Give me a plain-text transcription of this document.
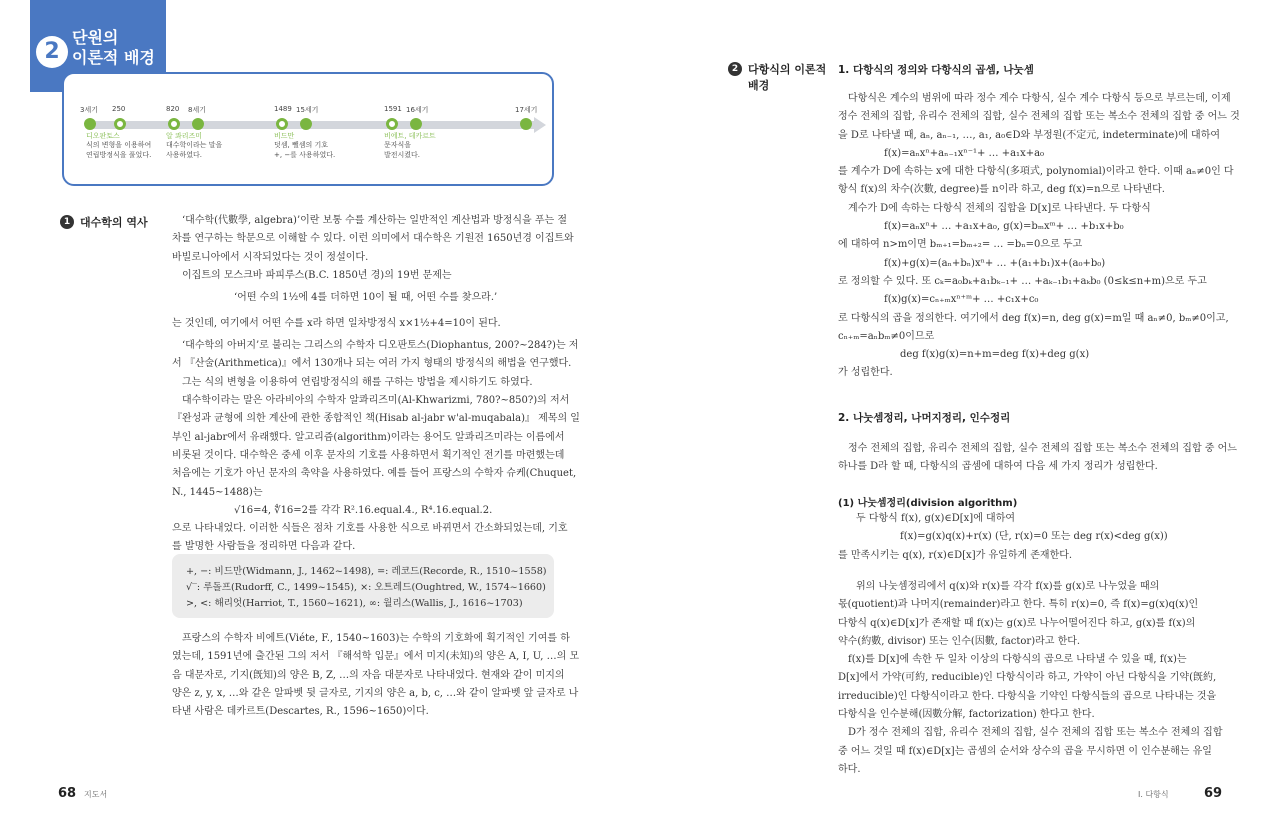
2
단원의
이론적 배경
3세기 250	820 8세기	1489 15세기	1591 16세기	17세기
디오판토스
식의 변형을 이용하여
연립방정식을 풀었다.
알 콰리즈미
대수학이라는 말을
사용하였다.
비드만
덧셈, 뺄셈의 기호
+, −를 사용하였다.
비에트, 데카르트
문자식을
발전시켰다.
1 대수학의 역사	‘대수학(代數學, algebra)’이란 보통 수를 계산하는 일반적인 계산법과 방정식을 푸는 절

차를 연구하는 학문으로 이해할 수 있다. 이런 의미에서 대수학은 기원전 1650년경 이집트와

바빌로니아에서 시작되었다는 것이 정설이다.

이집트의 모스크바 파피루스(B.C. 1850년 경)의 19번 문제는

‘어떤 수의 1½에 4를 더하면 10이 될 때, 어떤 수를 찾으라.’

는 것인데, 여기에서 어떤 수를 x라 하면 일차방정식 x×1½+4=10이 된다.

‘대수학의 아버지’로 불리는 그리스의 수학자 디오판토스(Diophantus, 200?~284?)는 저

서 『산술(Arithmetica)』에서 130개나 되는 여러 가지 형태의 방정식의 해법을 연구했다.

그는 식의 변형을 이용하여 연립방정식의 해를 구하는 방법을 제시하기도 하였다.

대수학이라는 말은 아라비아의 수학자 알콰리즈미(Al-Khwarizmi, 780?~850?)의 저서

『완성과 균형에 의한 계산에 관한 종합적인 책(Hisab al-jabr w'al-muqabala)』 제목의 일

부인 al-jabr에서 유래했다. 알고리즘(algorithm)이라는 용어도 알콰리즈미라는 이름에서

비롯된 것이다. 대수학은 중세 이후 문자의 기호를 사용하면서 획기적인 전기를 마련했는데

처음에는 기호가 아닌 문자의 축약을 사용하였다. 예를 들어 프랑스의 수학자 슈케(Chuquet,

N., 1445~1488)는

√16=4, ∜16=2를 각각 R².16.equal.4., R⁴.16.equal.2.

으로 나타내었다. 이러한 식들은 점차 기호를 사용한 식으로 바뀌면서 간소화되었는데, 기호

를 발명한 사람들을 정리하면 다음과 같다.

+, −: 비드만(Widmann, J., 1462~1498), =: 레코드(Recorde, R., 1510~1558)

√‾: 루돌프(Rudorff, C., 1499~1545), ×: 오트레드(Oughtred, W., 1574~1660)

>, <: 해리엇(Harriot, T., 1560~1621), ∞: 월리스(Wallis, J., 1616~1703)

프랑스의 수학자 비에트(Viéte, F., 1540~1603)는 수학의 기호화에 획기적인 기여를 하

였는데, 1591년에 출간된 그의 저서 『해석학 입문』에서 미지(未知)의 양은 A, I, U, …의 모

음 대문자로, 기지(旣知)의 양은 B, Z, …의 자음 대문자로 나타내었다. 현재와 같이 미지의

양은 z, y, x, …와 같은 알파벳 뒷 글자로, 기지의 양은 a, b, c, …와 같이 알파벳 앞 글자로 나

타낸 사람은 데카르트(Descartes, R., 1596~1650)이다.

68 지도서
2 다항식의 이론적
배경
1. 다항식의 정의와 다항식의 곱셈, 나눗셈

다항식은 계수의 범위에 따라 정수 계수 다항식, 실수 계수 다항식 등으로 부르는데, 이제

정수 전체의 집합, 유리수 전체의 집합, 실수 전체의 집합 또는 복소수 전체의 집합 중 어느 것

을 D로 나타낼 때, aₙ, aₙ₋₁, …, a₁, a₀∈D와 부정원(不定元, indeterminate)에 대하여

f(x)=aₙxⁿ+aₙ₋₁xⁿ⁻¹+ … +a₁x+a₀

를 계수가 D에 속하는 x에 대한 다항식(多項式, polynomial)이라고 한다. 이때 aₙ≠0인 다

항식 f(x)의 차수(次數, degree)를 n이라 하고, deg f(x)=n으로 나타낸다.

계수가 D에 속하는 다항식 전체의 집합을 D[x]로 나타낸다. 두 다항식

f(x)=aₙxⁿ+ … +a₁x+a₀, g(x)=bₘxᵐ+ … +b₁x+b₀

에 대하여 n>m이면 bₘ₊₁=bₘ₊₂= … =bₙ=0으로 두고

f(x)+g(x)=(aₙ+bₙ)xⁿ+ … +(a₁+b₁)x+(a₀+b₀)

로 정의할 수 있다. 또 cₖ=a₀bₖ+a₁bₖ₋₁+ … +aₖ₋₁b₁+aₖb₀ (0≤k≤n+m)으로 두고

f(x)g(x)=cₙ₊ₘxⁿ⁺ᵐ+ … +c₁x+c₀

로 다항식의 곱을 정의한다. 여기에서 deg f(x)=n, deg g(x)=m일 때 aₙ≠0, bₘ≠0이고,

cₙ₊ₘ=aₙbₘ≠0이므로

deg f(x)g(x)=n+m=deg f(x)+deg g(x)

가 성립한다.

2. 나눗셈정리, 나머지정리, 인수정리

정수 전체의 집합, 유리수 전체의 집합, 실수 전체의 집합 또는 복소수 전체의 집합 중 어느

하나를 D라 할 때, 다항식의 곱셈에 대하여 다음 세 가지 정리가 성립한다.

(1) 나눗셈정리(division algorithm)

두 다항식 f(x), g(x)∈D[x]에 대하여

f(x)=g(x)q(x)+r(x) (단, r(x)=0 또는 deg r(x)<deg g(x))

를 만족시키는 q(x), r(x)∈D[x]가 유일하게 존재한다.

위의 나눗셈정리에서 q(x)와 r(x)를 각각 f(x)를 g(x)로 나누었을 때의

몫(quotient)과 나머지(remainder)라고 한다. 특히 r(x)=0, 즉 f(x)=g(x)q(x)인

다항식 q(x)∈D[x]가 존재할 때 f(x)는 g(x)로 나누어떨어진다 하고, g(x)를 f(x)의

약수(約數, divisor) 또는 인수(因數, factor)라고 한다.

f(x)를 D[x]에 속한 두 일차 이상의 다항식의 곱으로 나타낼 수 있을 때, f(x)는

D[x]에서 가약(可約, reducible)인 다항식이라 하고, 가약이 아닌 다항식을 기약(旣約,

irreducible)인 다항식이라고 한다. 다항식을 기약인 다항식들의 곱으로 나타내는 것을

다항식을 인수분해(因數分解, factorization) 한다고 한다.

D가 정수 전체의 집합, 유리수 전체의 집합, 실수 전체의 집합 또는 복소수 전체의 집합

중 어느 것일 때 f(x)∈D[x]는 곱셈의 순서와 상수의 곱을 무시하면 이 인수분해는 유일

하다.

I. 다항식	69
